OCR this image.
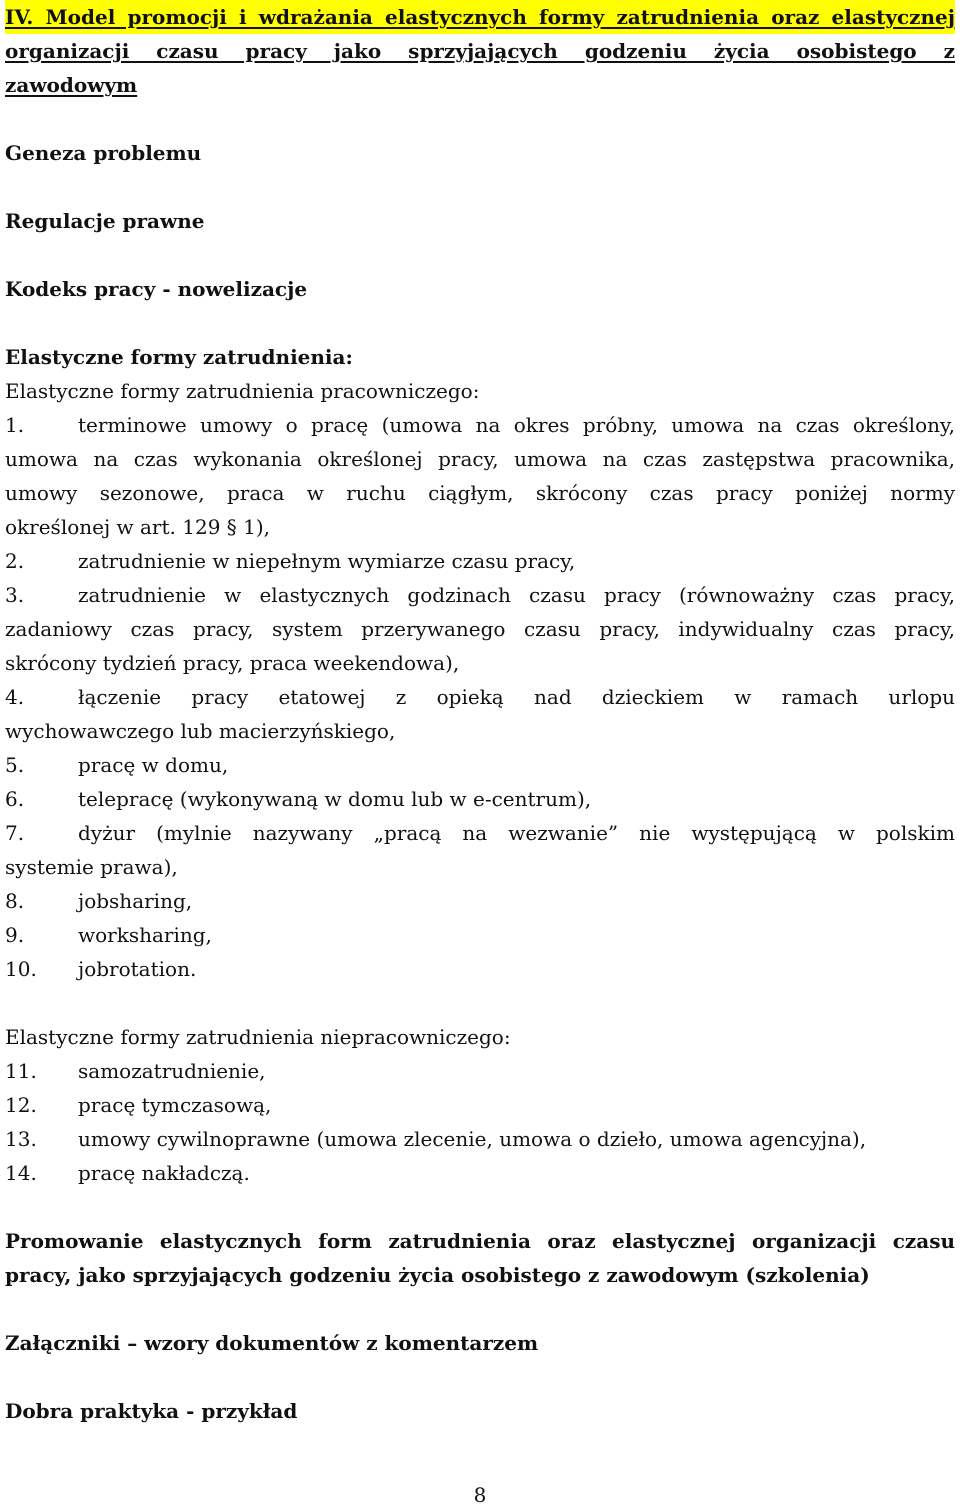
IV. Model promocji i wdrażania elastycznych formy zatrudnienia oraz elastycznej

organizacji czasu pracy jako sprzyjających godzeniu życia osobistego z

zawodowym

Geneza problemu

Regulacje prawne

Kodeks pracy - nowelizacje

Elastyczne formy zatrudnienia:

Elastyczne formy zatrudnienia pracowniczego:

1.	terminowe umowy o pracę (umowa na okres próbny, umowa na czas określony,

umowa na czas wykonania określonej pracy, umowa na czas zastępstwa pracownika,

umowy sezonowe, praca w ruchu ciągłym, skrócony czas pracy poniżej normy

określonej w art. 129 § 1),

2.	zatrudnienie w niepełnym wymiarze czasu pracy,

3.	zatrudnienie w elastycznych godzinach czasu pracy (równoważny czas pracy,

zadaniowy czas pracy, system przerywanego czasu pracy, indywidualny czas pracy,

skrócony tydzień pracy, praca weekendowa),

4.	łączenie pracy etatowej z opieką nad dzieckiem w ramach urlopu

wychowawczego lub macierzyńskiego,

5.	pracę w domu,

6.	telepracę (wykonywaną w domu lub w e-centrum),

7.	dyżur (mylnie nazywany „pracą na wezwanie” nie występującą w polskim

systemie prawa),

8.	jobsharing,

9.	worksharing,

10.	jobrotation.

Elastyczne formy zatrudnienia niepracowniczego:

11.	samozatrudnienie,

12.	pracę tymczasową,

13.	umowy cywilnoprawne (umowa zlecenie, umowa o dzieło, umowa agencyjna),

14.	pracę nakładczą.

Promowanie elastycznych form zatrudnienia oraz elastycznej organizacji czasu

pracy, jako sprzyjających godzeniu życia osobistego z zawodowym (szkolenia)

Załączniki – wzory dokumentów z komentarzem

Dobra praktyka - przykład

8
